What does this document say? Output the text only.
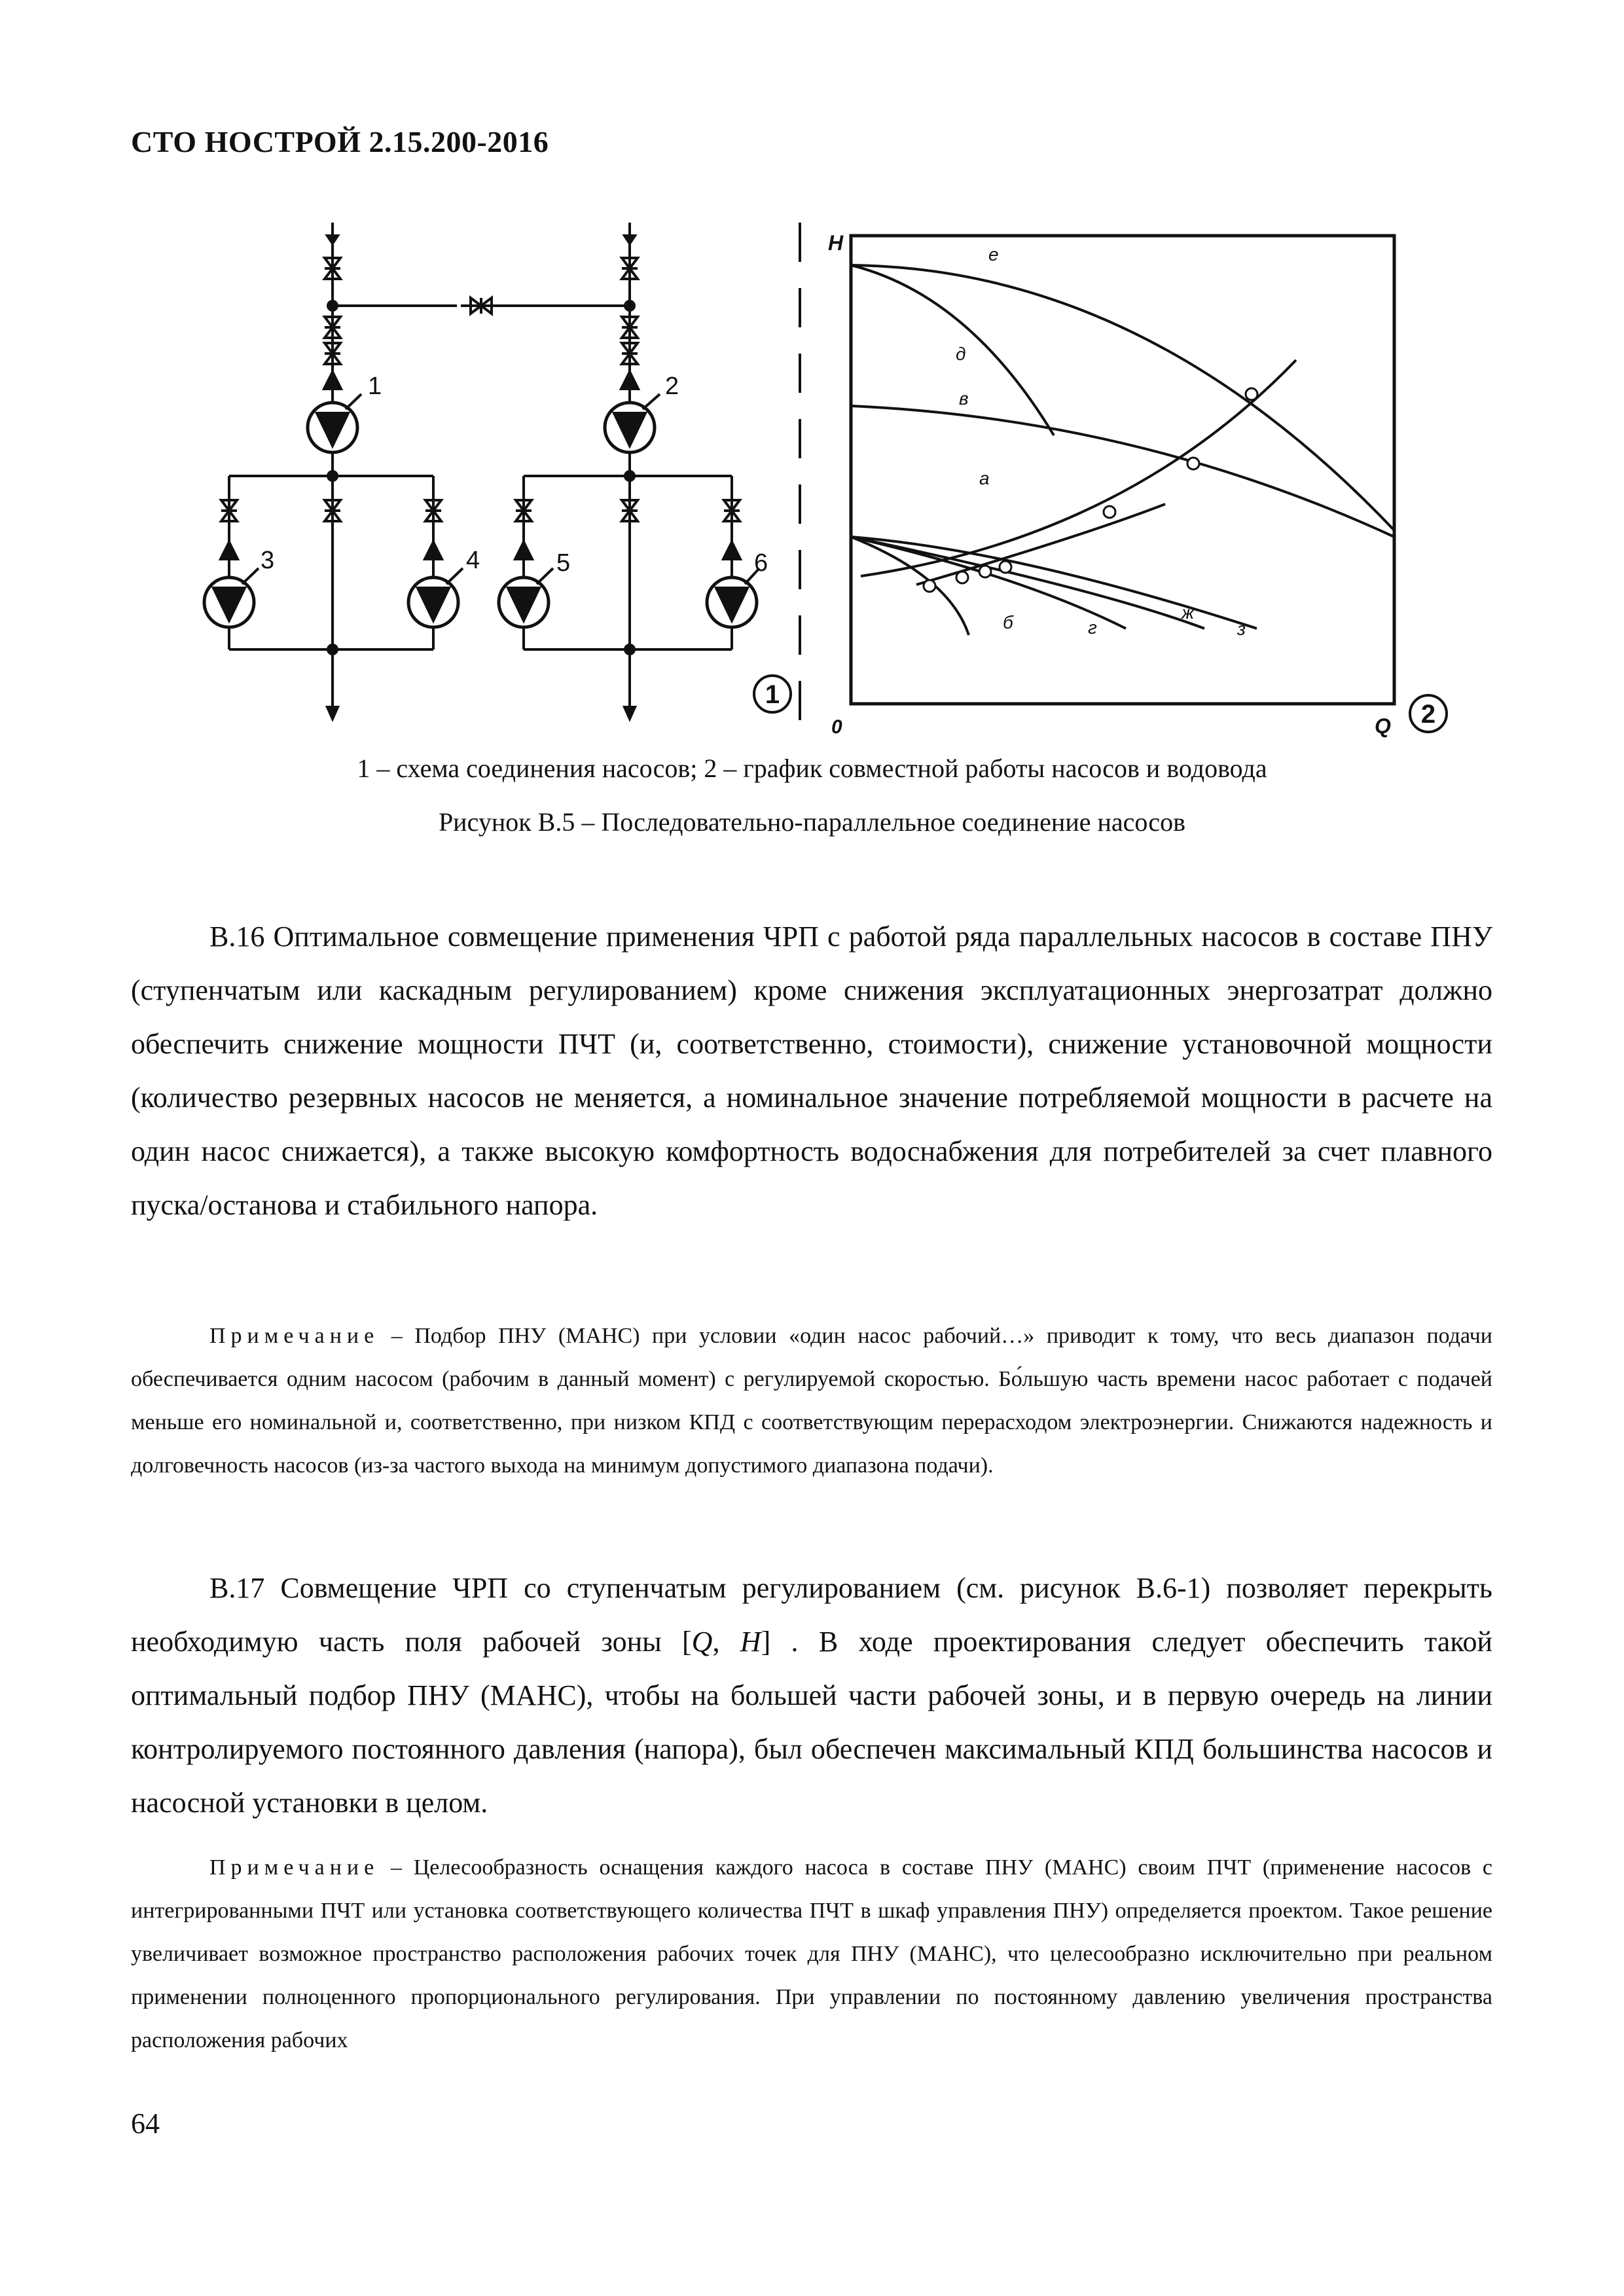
СТО НОСТРОЙ 2.15.200-2016
1	2
3	4	5	6
1
е
д
в
а
б	г
ж
з
H
0	Q 2
1 – схема соединения насосов; 2 – график совместной работы насосов и водовода
Рисунок В.5 – Последовательно-параллельное соединение насосов

В.16 Оптимальное совмещение применения ЧРП с работой ряда параллельных насосов в составе ПНУ (ступенчатым или каскадным регулированием) кроме снижения эксплуатационных энергозатрат должно обеспечить снижение мощности ПЧТ (и, соответственно, стоимости), снижение установочной мощности (количество резервных насосов не меняется, а номинальное значение потребляемой мощности в расчете на один насос снижается), а также высокую комфортность водоснабжения для потребителей за счет плавного пуска/останова и стабильного напора.

Примечание – Подбор ПНУ (МАНС) при условии «один насос рабочий…» приводит к тому, что весь диапазон подачи обеспечивается одним насосом (рабочим в данный момент) с регулируемой скоростью. Бо́льшую часть времени насос работает с подачей меньше его номинальной и, соответственно, при низком КПД с соответствующим перерасходом электроэнергии. Снижаются надежность и долговечность насосов (из-за частого выхода на минимум допустимого диапазона подачи).

В.17 Совмещение ЧРП со ступенчатым регулированием (см. рисунок В.6-1) позволяет перекрыть необходимую часть поля рабочей зоны [Q, H] . В ходе проектирования следует обеспечить такой оптимальный подбор ПНУ (МАНС), чтобы на большей части рабочей зоны, и в первую очередь на линии контролируемого постоянного давления (напора), был обеспечен максимальный КПД большинства насосов и насосной установки в целом.

Примечание – Целесообразность оснащения каждого насоса в составе ПНУ (МАНС) своим ПЧТ (применение насосов с интегрированными ПЧТ или установка соответствующего количества ПЧТ в шкаф управления ПНУ) определяется проектом. Такое решение увеличивает возможное пространство расположения рабочих точек для ПНУ (МАНС), что целесообразно исключительно при реальном применении полноценного пропорционального регулирования. При управлении по постоянному давлению увеличения пространства расположения рабочих

64
